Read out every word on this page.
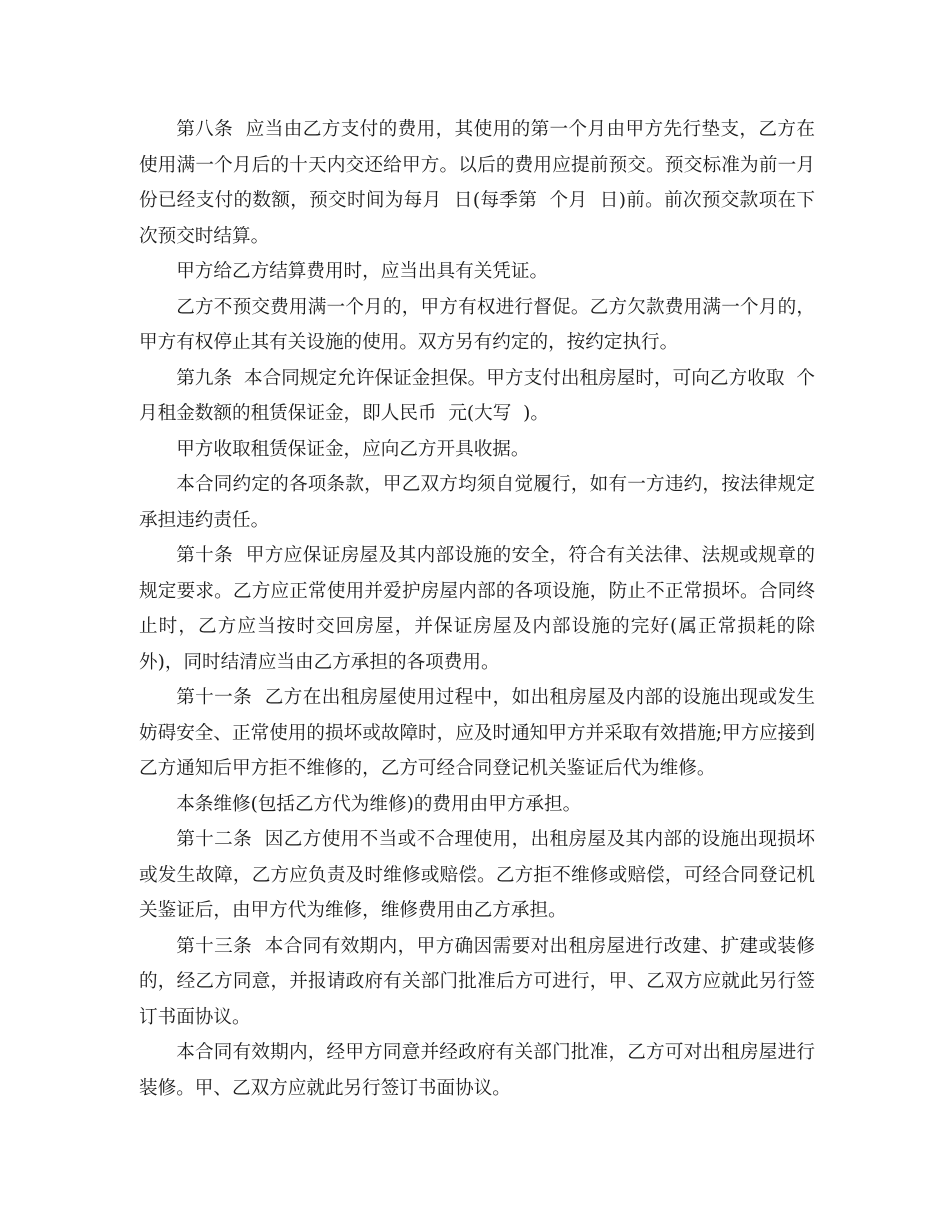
第八条  应当由乙方支付的费用，其使用的第一个月由甲方先行垫支，乙方在使用满一个月后的十天内交还给甲方。以后的费用应提前预交。预交标准为前一月份已经支付的数额，预交时间为每月  日(每季第  个月  日)前。前次预交款项在下次预交时结算。

甲方给乙方结算费用时，应当出具有关凭证。

乙方不预交费用满一个月的，甲方有权进行督促。乙方欠款费用满一个月的，甲方有权停止其有关设施的使用。双方另有约定的，按约定执行。

第九条  本合同规定允许保证金担保。甲方支付出租房屋时，可向乙方收取  个月租金数额的租赁保证金，即人民币  元(大写  )。

甲方收取租赁保证金，应向乙方开具收据。

本合同约定的各项条款，甲乙双方均须自觉履行，如有一方违约，按法律规定承担违约责任。

第十条  甲方应保证房屋及其内部设施的安全，符合有关法律、法规或规章的规定要求。乙方应正常使用并爱护房屋内部的各项设施，防止不正常损坏。合同终止时，乙方应当按时交回房屋，并保证房屋及内部设施的完好(属正常损耗的除外)，同时结清应当由乙方承担的各项费用。

第十一条  乙方在出租房屋使用过程中，如出租房屋及内部的设施出现或发生妨碍安全、正常使用的损坏或故障时，应及时通知甲方并采取有效措施;甲方应接到乙方通知后甲方拒不维修的，乙方可经合同登记机关鉴证后代为维修。

本条维修(包括乙方代为维修)的费用由甲方承担。

第十二条  因乙方使用不当或不合理使用，出租房屋及其内部的设施出现损坏或发生故障，乙方应负责及时维修或赔偿。乙方拒不维修或赔偿，可经合同登记机关鉴证后，由甲方代为维修，维修费用由乙方承担。

第十三条  本合同有效期内，甲方确因需要对出租房屋进行改建、扩建或装修的，经乙方同意，并报请政府有关部门批准后方可进行，甲、乙双方应就此另行签订书面协议。

本合同有效期内，经甲方同意并经政府有关部门批准，乙方可对出租房屋进行装修。甲、乙双方应就此另行签订书面协议。
